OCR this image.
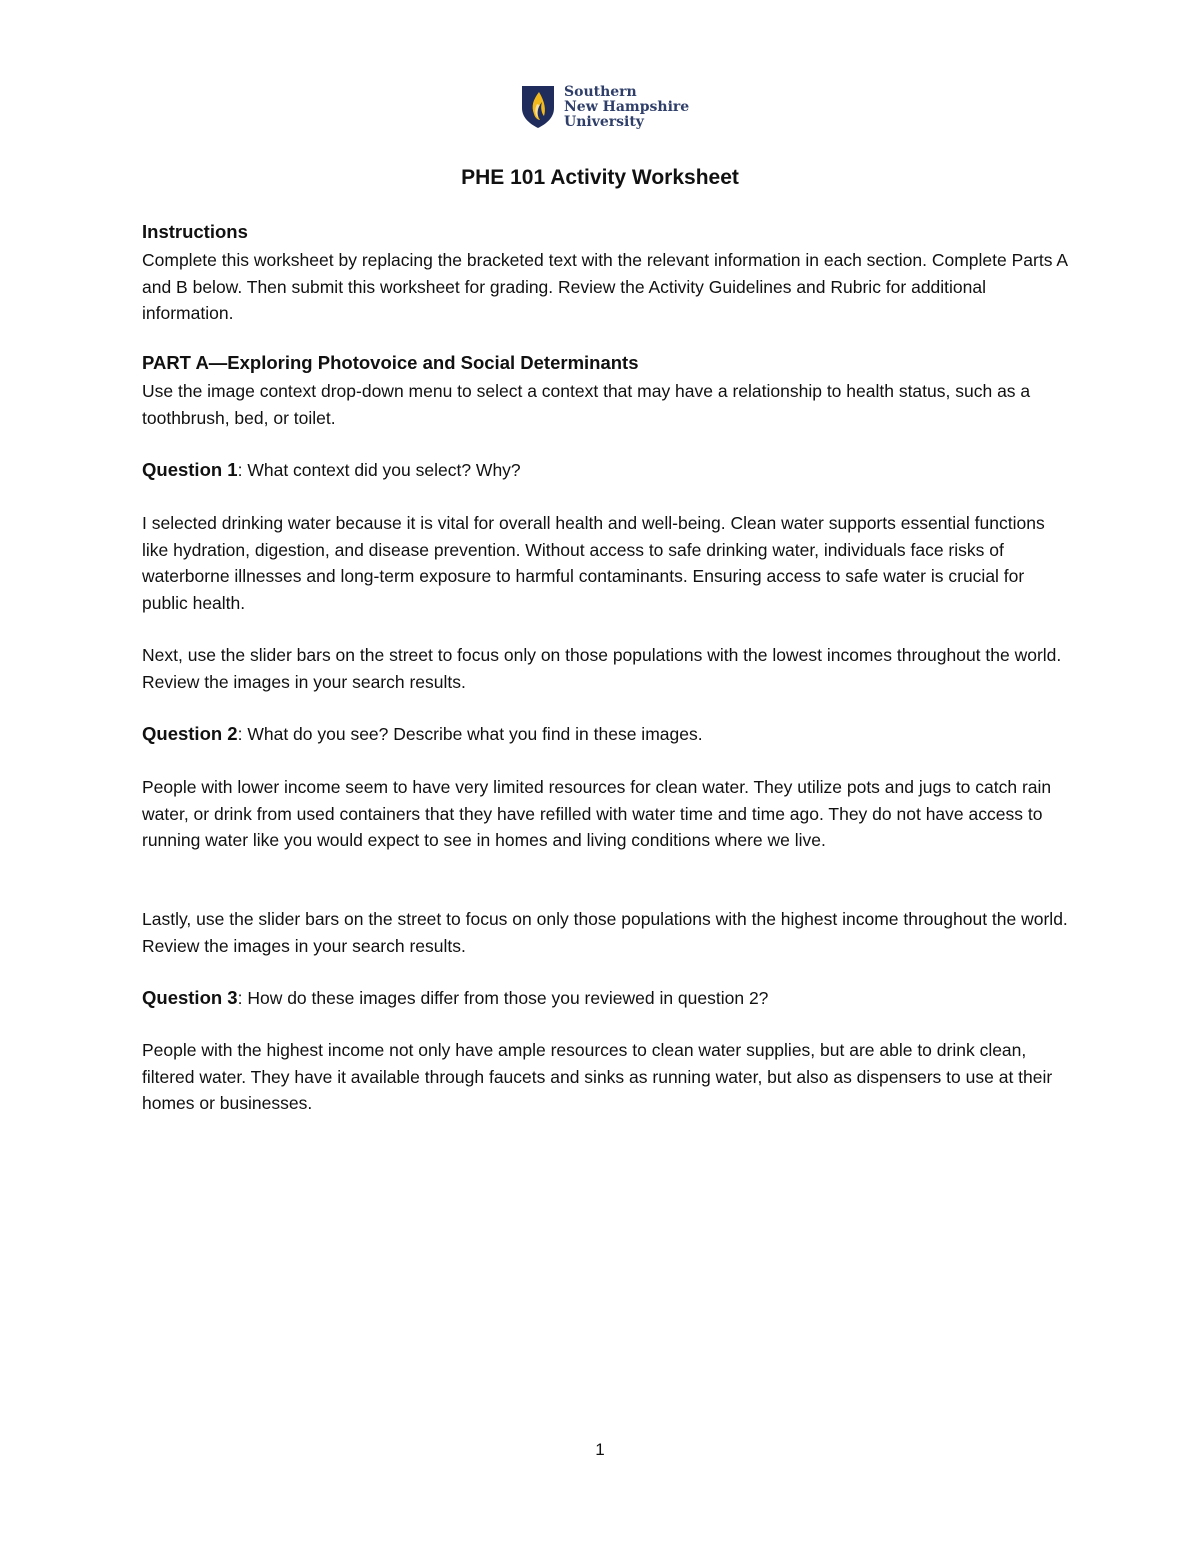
Southern
New Hampshire
University
PHE 101 Activity Worksheet
Instructions

Complete this worksheet by replacing the bracketed text with the relevant information in each section. Complete Parts A and B below. Then submit this worksheet for grading. Review the Activity Guidelines and Rubric for additional information.

PART A—Exploring Photovoice and Social Determinants

Use the image context drop-down menu to select a context that may have a relationship to health status, such as a toothbrush, bed, or toilet.

Question 1: What context did you select? Why?

I selected drinking water because it is vital for overall health and well-being. Clean water supports essential functions like hydration, digestion, and disease prevention. Without access to safe drinking water, individuals face risks of waterborne illnesses and long-term exposure to harmful contaminants. Ensuring access to safe water is crucial for public health.

Next, use the slider bars on the street to focus only on those populations with the lowest incomes throughout the world. Review the images in your search results.

Question 2: What do you see? Describe what you find in these images.

People with lower income seem to have very limited resources for clean water. They utilize pots and jugs to catch rain water, or drink from used containers that they have refilled with water time and time ago. They do not have access to running water like you would expect to see in homes and living conditions where we live.

Lastly, use the slider bars on the street to focus on only those populations with the highest income throughout the world. Review the images in your search results.

Question 3: How do these images differ from those you reviewed in question 2?

People with the highest income not only have ample resources to clean water supplies, but are able to drink clean, filtered water. They have it available through faucets and sinks as running water, but also as dispensers to use at their homes or businesses.

1
